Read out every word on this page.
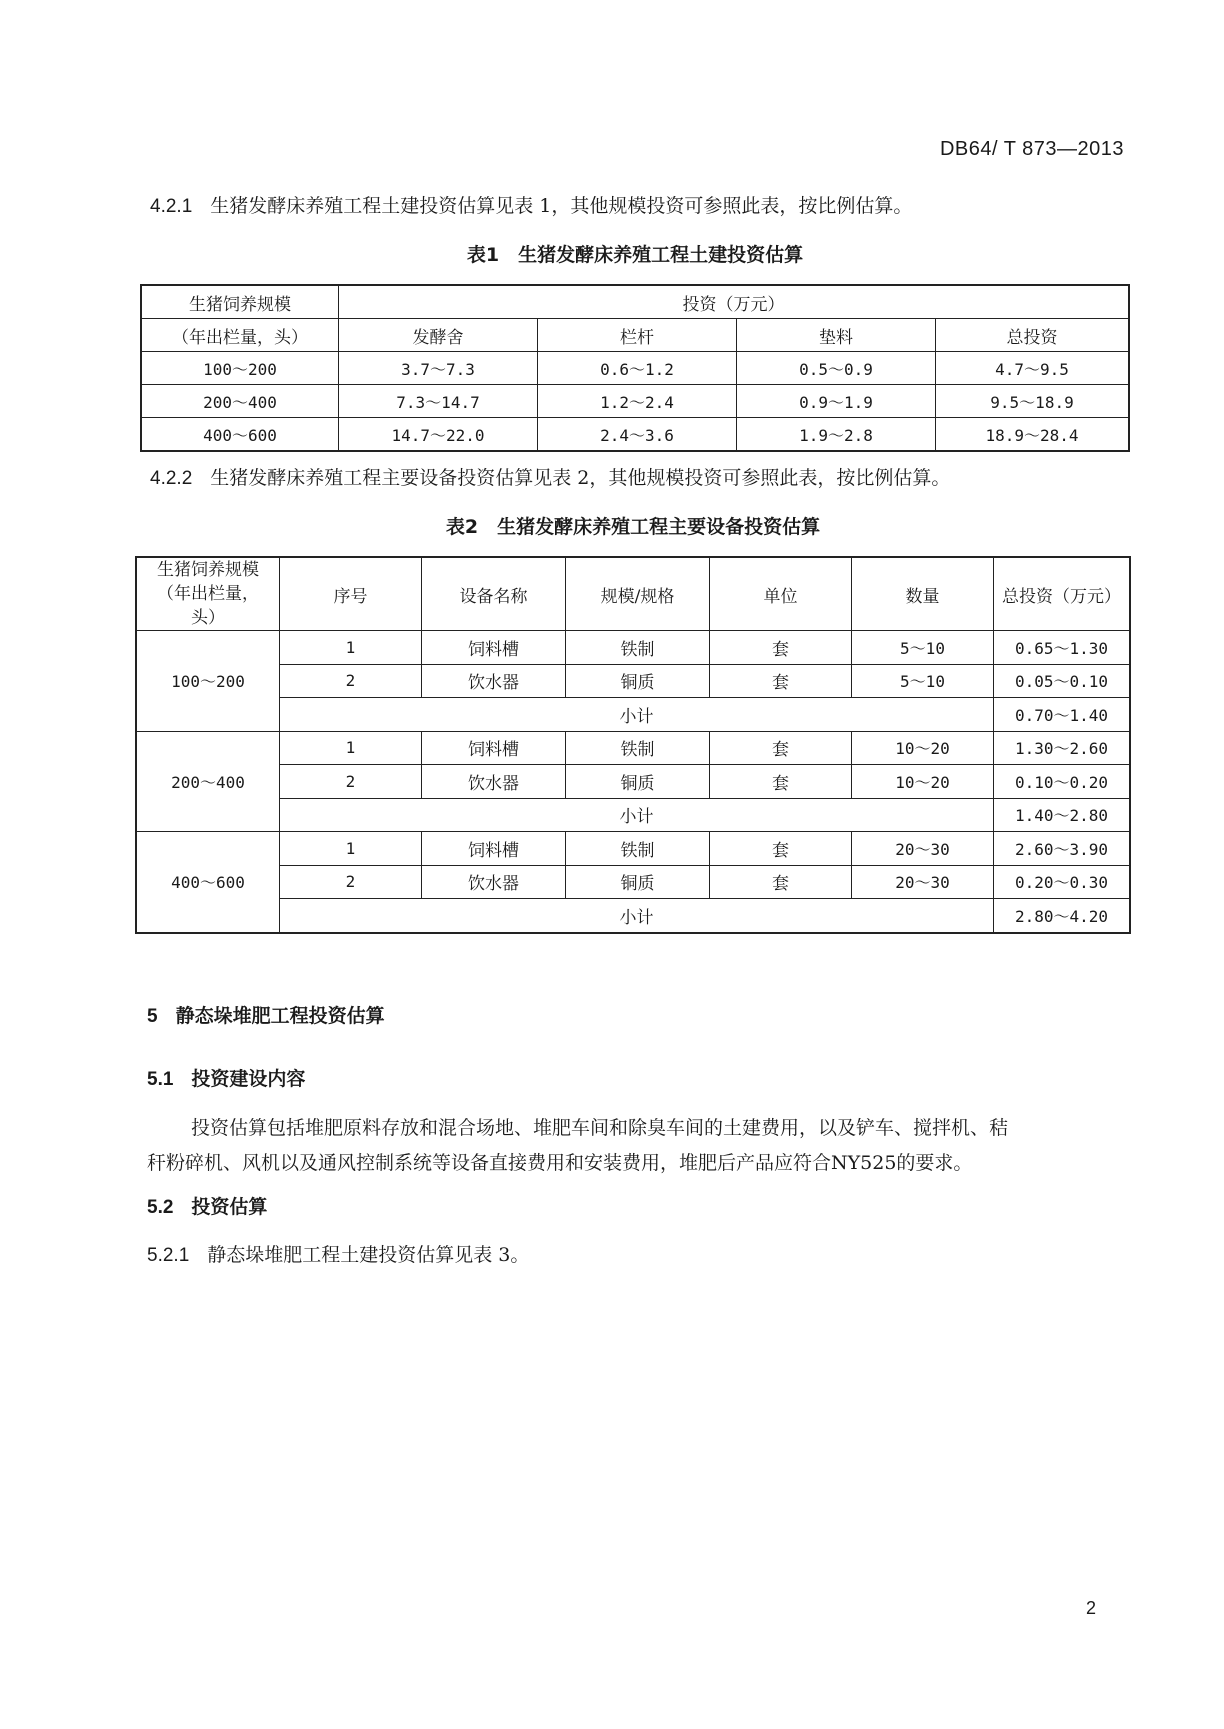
DB64/ T 873—2013
4.2.1 生猪发酵床养殖工程土建投资估算见表 1，其他规模投资可参照此表，按比例估算。
表1　生猪发酵床养殖工程土建投资估算
生猪饲养规模	投资（万元）			
（年出栏量，头）	发酵舍	栏杆	垫料	总投资
100～200	3.7～7.3	0.6～1.2	0.5～0.9	4.7～9.5
200～400	7.3～14.7	1.2～2.4	0.9～1.9	9.5～18.9
400～600	14.7～22.0	2.4～3.6	1.9～2.8	18.9～28.4
4.2.2 生猪发酵床养殖工程主要设备投资估算见表 2，其他规模投资可参照此表，按比例估算。
表2　生猪发酵床养殖工程主要设备投资估算
生猪饲养规模
（年出栏量，
头）	序号	设备名称	规模/规格	单位	数量	总投资（万元）
100～200	1	饲料槽	铁制	套	5～10	0.65～1.30
	2	饮水器	铜质	套	5～10	0.05～0.10
	小计					0.70～1.40
200～400	1	饲料槽	铁制	套	10～20	1.30～2.60
	2	饮水器	铜质	套	10～20	0.10～0.20
	小计					1.40～2.80
400～600	1	饲料槽	铁制	套	20～30	2.60～3.90
	2	饮水器	铜质	套	20～30	0.20～0.30
	小计					2.80～4.20
5 静态垛堆肥工程投资估算
5.1 投资建设内容
投资估算包括堆肥原料存放和混合场地、堆肥车间和除臭车间的土建费用，以及铲车、搅拌机、秸
秆粉碎机、风机以及通风控制系统等设备直接费用和安装费用，堆肥后产品应符合NY525的要求。
5.2 投资估算
5.2.1 静态垛堆肥工程土建投资估算见表 3。
2
